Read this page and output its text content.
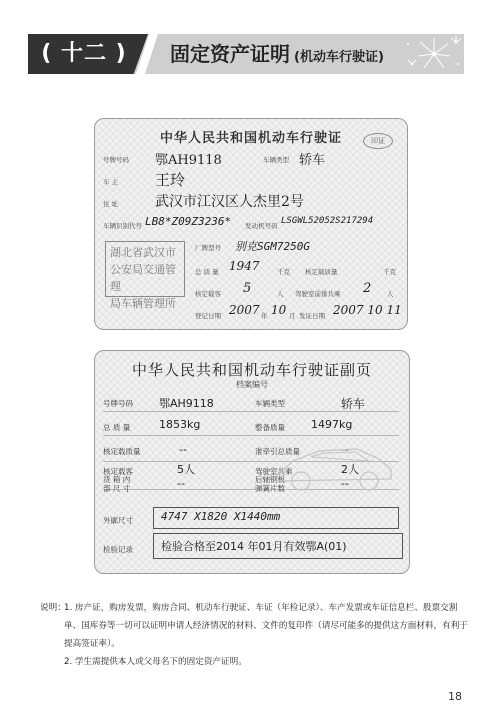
( 十二 )	固定资产证明 (机动车行驶证)
中华人民共和国机动车行驶证	印证
号牌号码 鄂AH9118	车辆类型 轿车
车 主 王玲
住 址	武汉市江汉区人杰里2号
车辆识别代号 LB8*Z09Z3236* 发动机号码 LSGWL52052S217294
湖北省武汉市
公安局交通管理
局车辆管理所
厂牌型号 别克SGM7250G
总 质 量 1947	千克 核定载质量	千克
核定载客 5	人 驾驶室前排共乘 2 人
登记日期 2007 年 10 月 发证日期 2007 10 11
中华人民共和国机动车行驶证副页
档案编号
号牌号码 鄂AH9118	车辆类型	轿车
总 质 量	1853kg	整备质量 1497kg
核定载质量	--	准牵引总质量	--
核定载客	5人	驾驶室共乘	2人
货 箱 内
部 尺 寸	--	后轴钢板
弹簧片数	--
外廓尺寸	4747 X1820 X1440mm
检验记录	检验合格至2014 年01月有效鄂A(01)
说明：
1. 房产证，购房发票，购房合同、机动车行驶证、车证（年检记录）、车产发票或车证信息栏、股票交割单、国库券等一切可以证明申请人经济情况的材料、文件的复印件（请尽可能多的提供这方面材料，有利于提高签证率）。
2. 学生需提供本人或父母名下的固定资产证明。
18
